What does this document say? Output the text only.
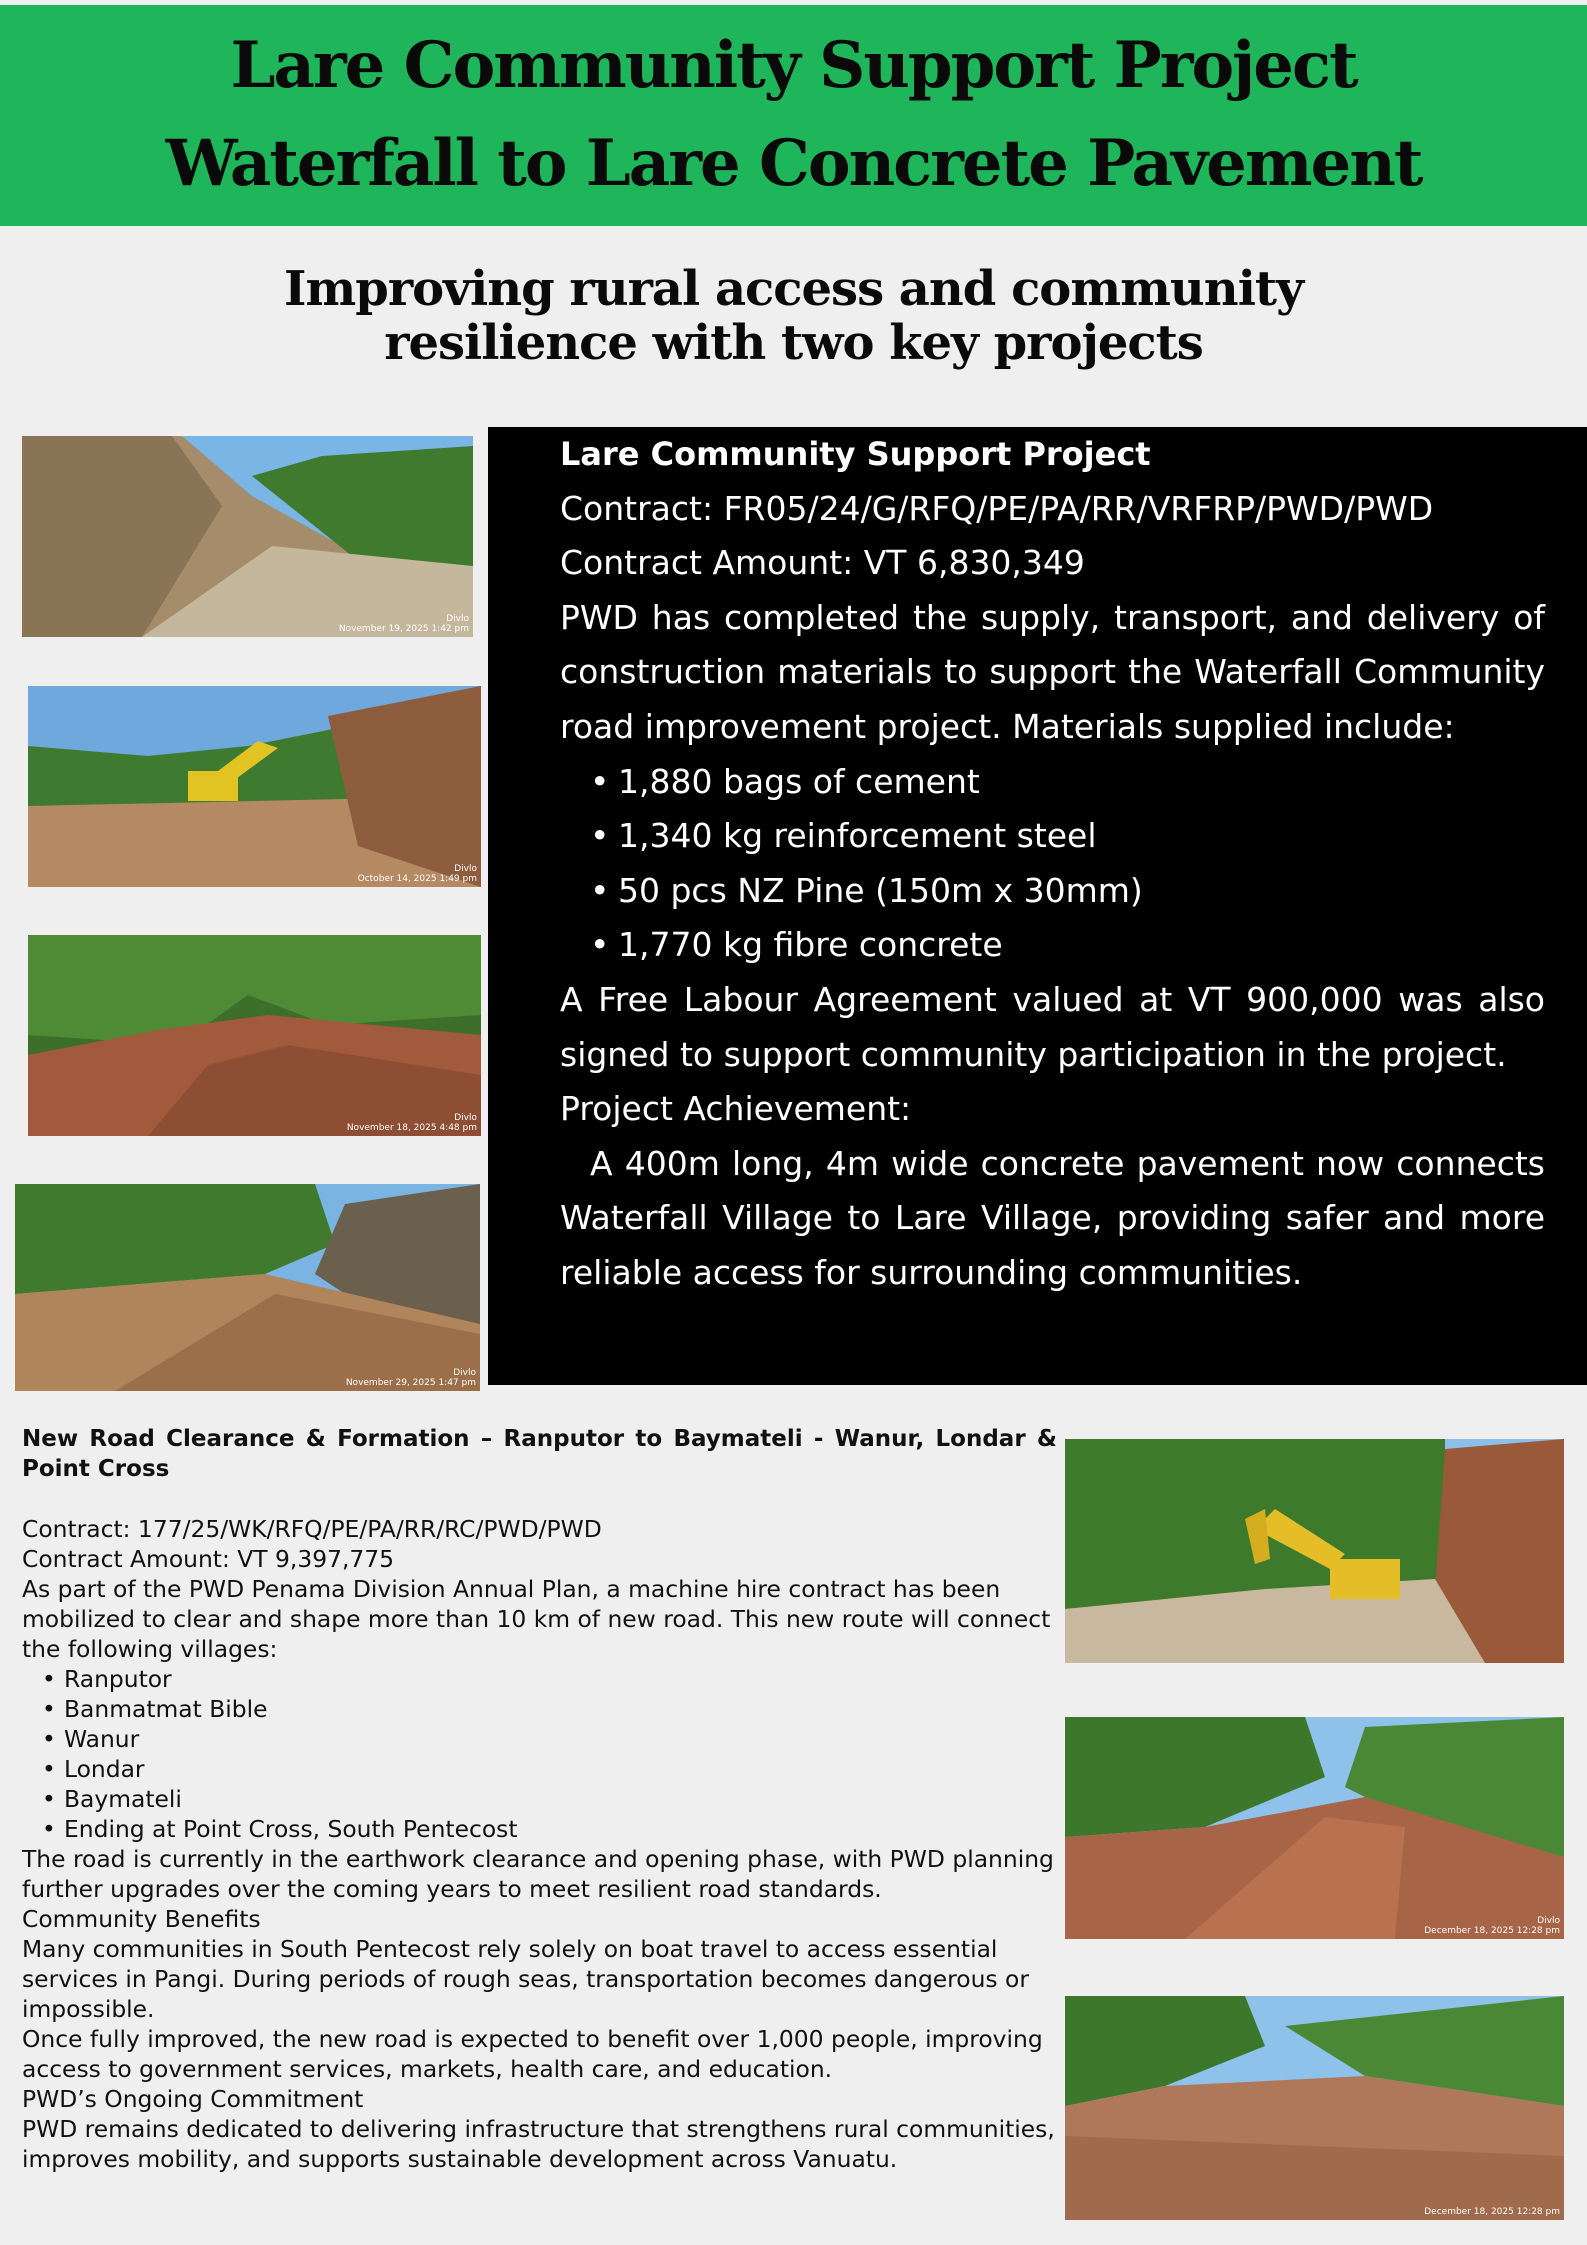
Lare Community Support Project
Waterfall to Lare Concrete Pavement
Improving rural access and community
resilience with two key projects
Divlo
November 19, 2025 1:42 pm
Divlo
October 14, 2025 1:49 pm
Divlo
November 18, 2025 4:48 pm
Divlo
November 29, 2025 1:47 pm
Lare Community Support Project
Contract: FR05/24/G/RFQ/PE/PA/RR/VRFRP/PWD/PWD
Contract Amount: VT 6,830,349
PWD has completed the supply, transport, and delivery of construction materials to support the Waterfall Community road improvement project. Materials supplied include:
• 1,880 bags of cement
• 1,340 kg reinforcement steel
• 50 pcs NZ Pine (150m x 30mm)
• 1,770 kg fibre concrete
A Free Labour Agreement valued at VT 900,000 was also signed to support community participation in the project.
Project Achievement:
A 400m long, 4m wide concrete pavement now connects Waterfall Village to Lare Village, providing safer and more reliable access for surrounding communities.
New Road Clearance & Formation – Ranputor to Baymateli - Wanur, Londar & Point Cross
Contract: 177/25/WK/RFQ/PE/PA/RR/RC/PWD/PWD
Contract Amount: VT 9,397,775
As part of the PWD Penama Division Annual Plan, a machine hire contract has been mobilized to clear and shape more than 10 km of new road. This new route will connect the following villages:
• Ranputor
• Banmatmat Bible
• Wanur
• Londar
• Baymateli
• Ending at Point Cross, South Pentecost
The road is currently in the earthwork clearance and opening phase, with PWD planning further upgrades over the coming years to meet resilient road standards.
Community Benefits
Many communities in South Pentecost rely solely on boat travel to access essential services in Pangi. During periods of rough seas, transportation becomes dangerous or impossible.
Once fully improved, the new road is expected to benefit over 1,000 people, improving access to government services, markets, health care, and education.
PWD’s Ongoing Commitment
PWD remains dedicated to delivering infrastructure that strengthens rural communities, improves mobility, and supports sustainable development across Vanuatu.
Divlo
December 18, 2025 12:28 pm
December 18, 2025 12:28 pm
